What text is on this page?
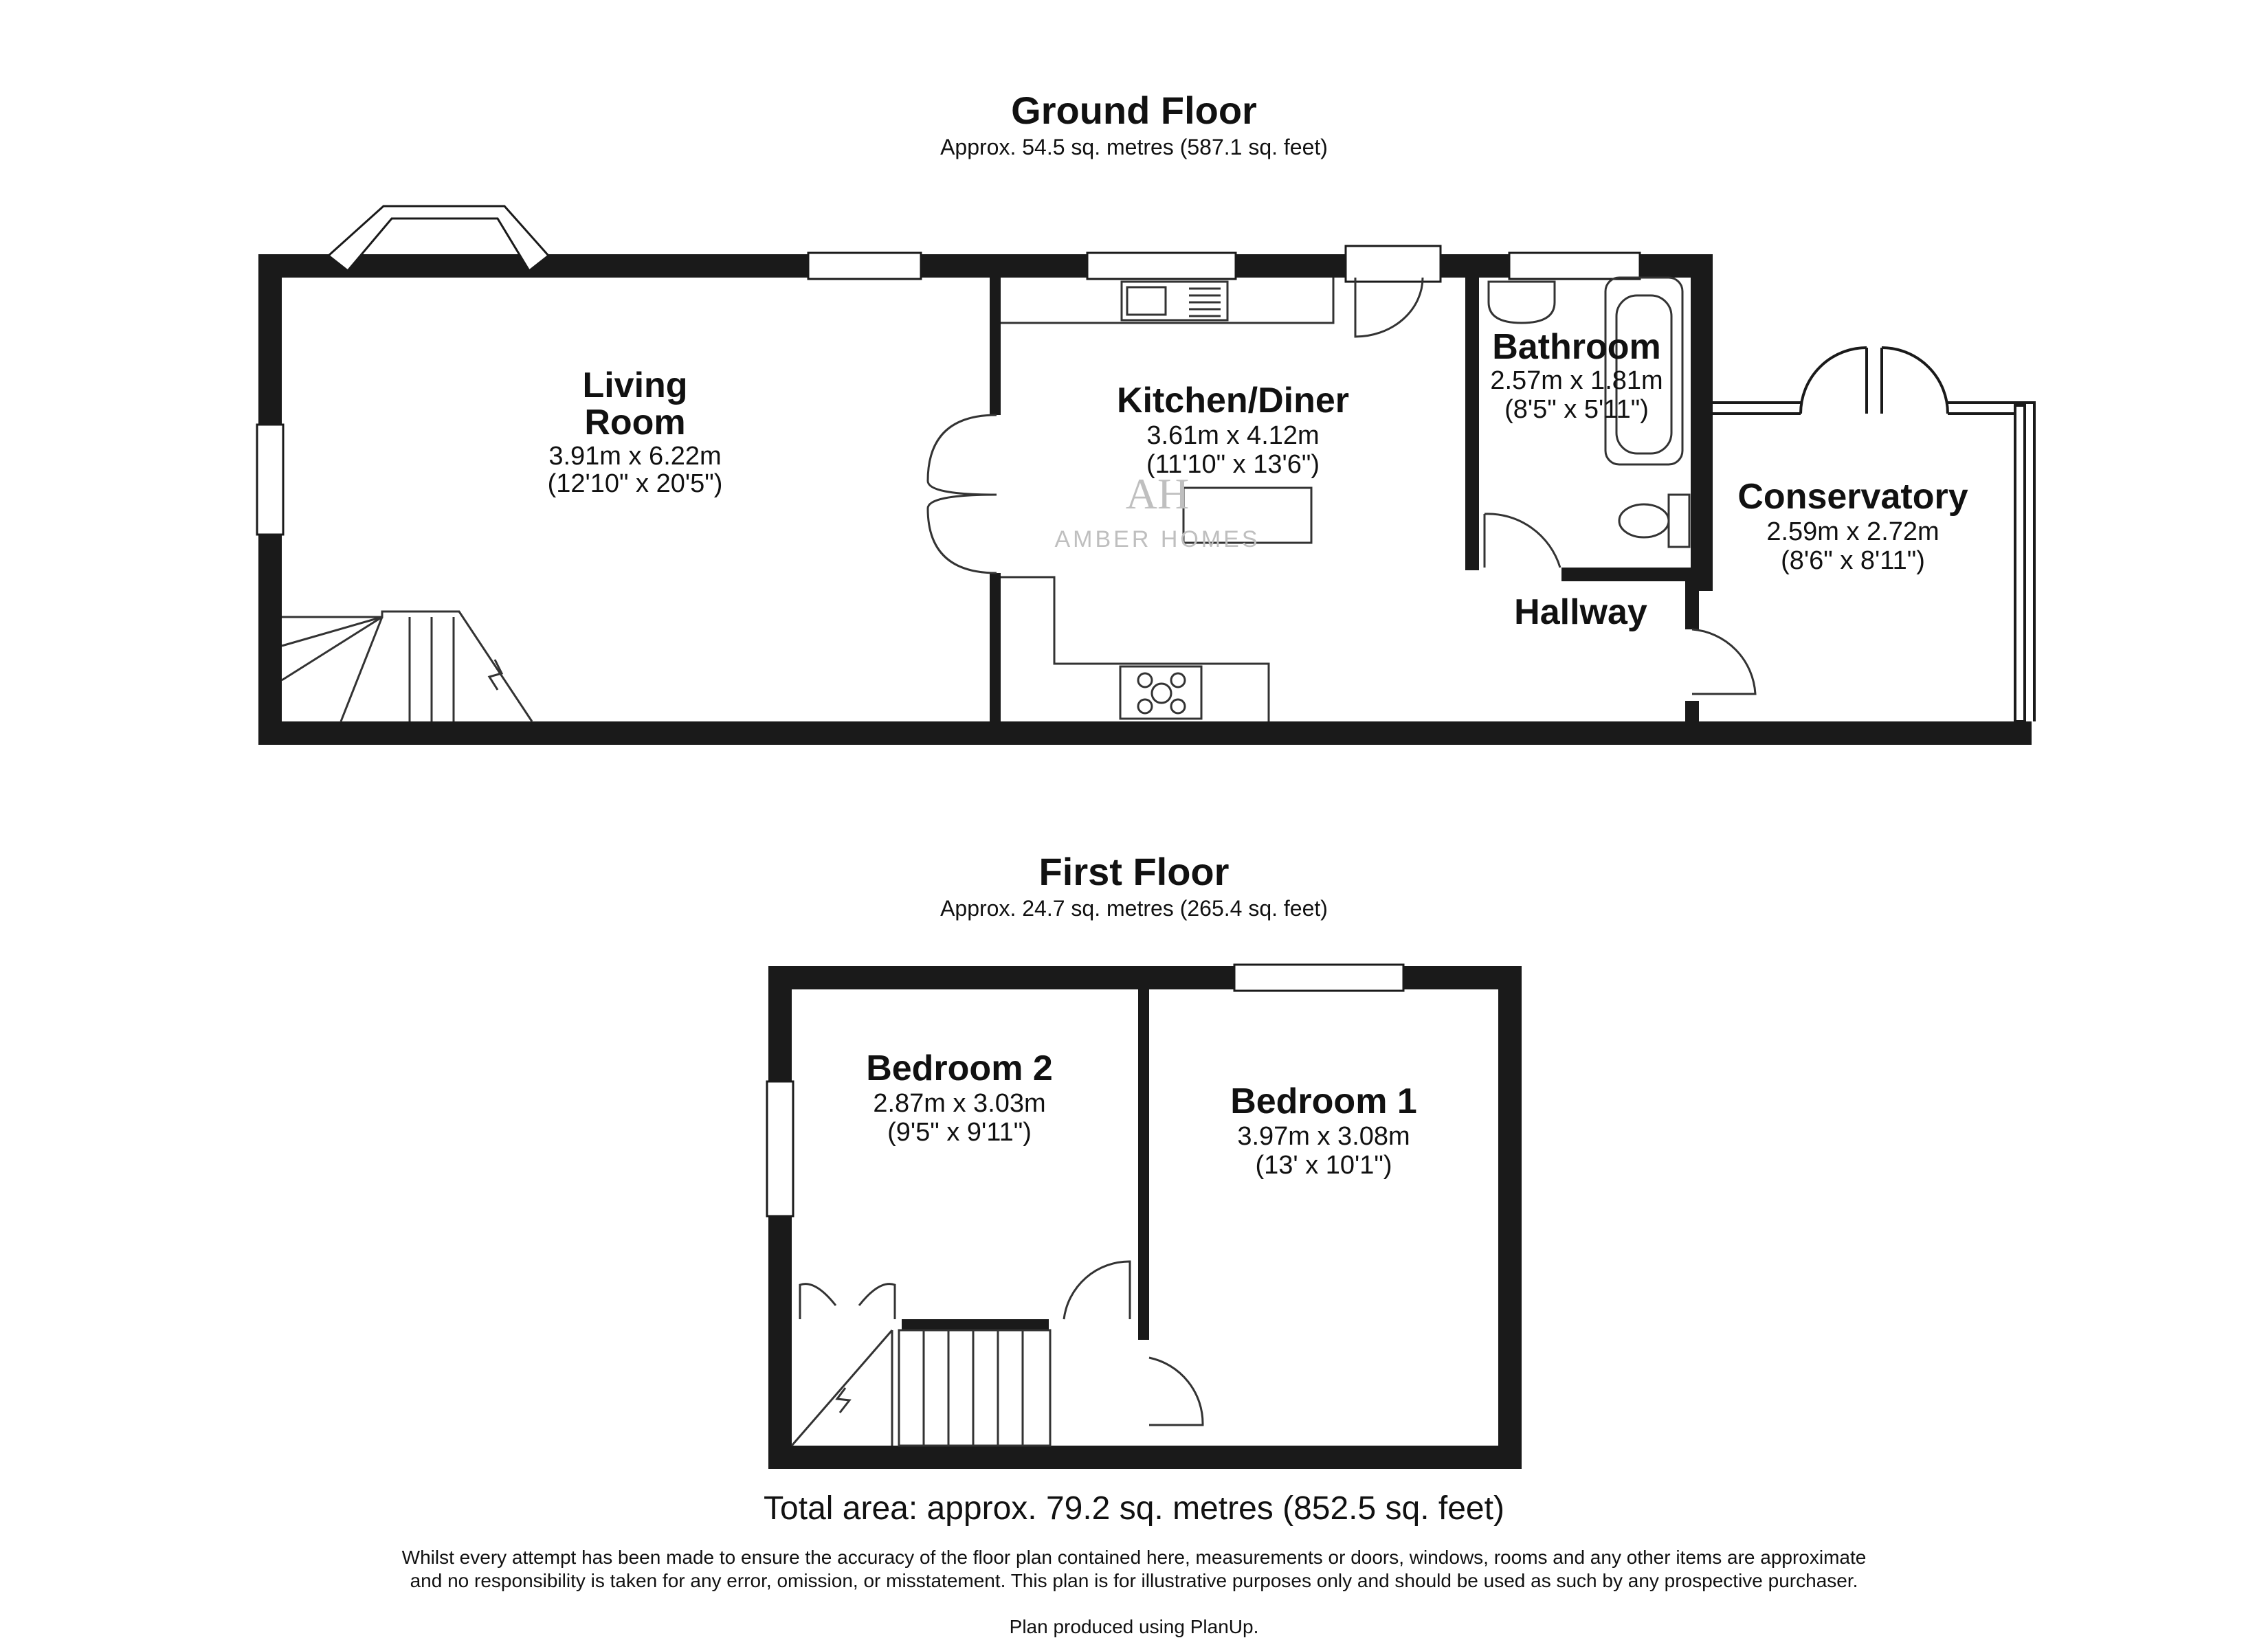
Ground Floor
Approx. 54.5 sq. metres (587.1 sq. feet)
First Floor
Approx. 24.7 sq. metres (265.4 sq. feet)
AH
AMBER HOMES
Living
Room
3.91m x 6.22m
(12'10" x 20'5")
Kitchen/Diner
3.61m x 4.12m
(11'10" x 13'6")
Bathroom
2.57m x 1.81m
(8'5" x 5'11")
Conservatory
2.59m x 2.72m
(8'6" x 8'11")
Hallway
Bedroom 2
2.87m x 3.03m
(9'5" x 9'11")
Bedroom 1
3.97m x 3.08m
(13' x 10'1")
Total area: approx. 79.2 sq. metres (852.5 sq. feet)
Whilst every attempt has been made to ensure the accuracy of the floor plan contained here, measurements or doors, windows, rooms and any other items are approximate and no responsibility is taken for any error, omission, or misstatement. This plan is for illustrative purposes only and should be used as such by any prospective purchaser.
Plan produced using PlanUp.
